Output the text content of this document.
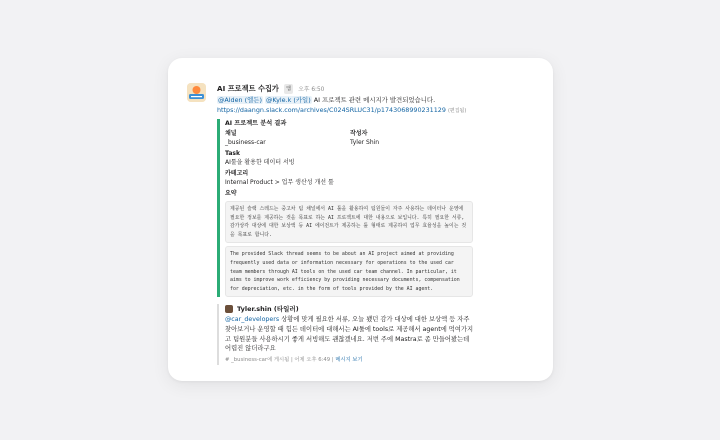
AI 프로젝트 수집가 앱 오후 6:50
@Alden (엘든) @Kyle.k (카일) AI 프로젝트 관련 메시지가 발견되었습니다.
https://daangn.slack.com/archives/C024SRLUC31/p1743068990231129 (편집됨)
AI 프로젝트 분석 결과
채널
_business-car
작성자
Tyler Shin
Task
AI툴을 활용한 데이터 서빙
카테고리
Internal Product > 업무 생산성 개선 툴
요약
제공된 슬랙 스레드는 중고차 팀 채널에서 AI 툴을 활용하여 팀원들이 자주 사용하는 데이터나 운영에 필요한 정보를 제공하는 것을 목표로 하는 AI 프로젝트에 대한 내용으로 보입니다. 특히 필요한 서류, 감가상각 대상에 대한 보상액 등 AI 에이전트가 제공하는 툴 형태로 제공하여 업무 효율성을 높이는 것을 목표로 합니다.
The provided Slack thread seems to be about an AI project aimed at providing frequently used data or information necessary for operations to the used car team members through AI tools on the used car team channel. In particular, it aims to improve work efficiency by providing necessary documents, compensation for depreciation, etc. in the form of tools provided by the AI agent.
Tyler.shin (타일러)
@car_developers 상황에 맞게 필요한 서류, 오늘 뵀던 감가 대상에 대한 보상액 등 자주 찾아보거나 운영할 때 힘든 데이터에 대해서는 AI툴에 tools로 제공해서 agent에 먹여가지고 팀원분들 사용하시기 좋게 서빙해도 괜찮겠네요. 저번 주에 Mastra로 좀 만들어봤는데 어렵진 않더라구요
# _business-car에 게시됨 | 어제 오후 6:49 | 메시지 보기
